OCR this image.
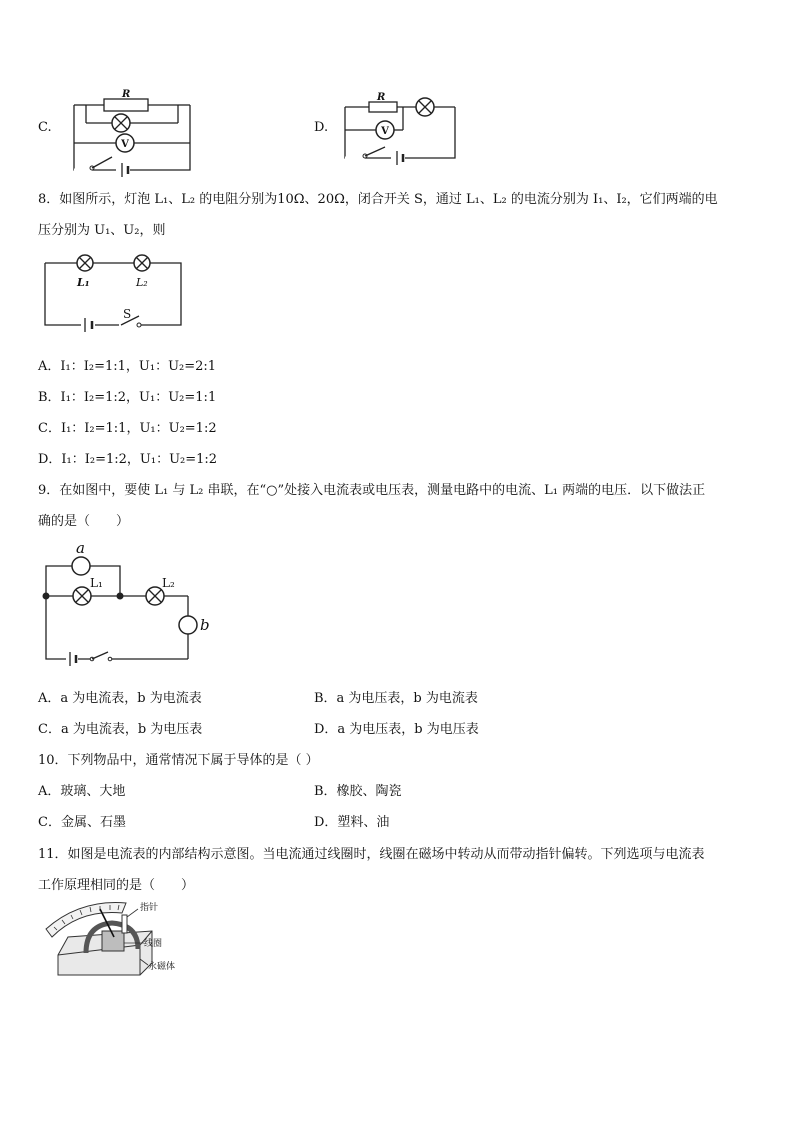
C.
V
R
D.	V
R
8．如图所示，灯泡 L₁、L₂ 的电阻分别为10Ω、20Ω，闭合开关 S，通过 L₁、L₂ 的电流分别为 I₁、I₂，它们两端的电
压分别为 U₁、U₂，则
L₁	L₂
S
A．I₁：I₂=1:1，U₁：U₂=2:1
B．I₁：I₂=1:2，U₁：U₂=1:1
C．I₁：I₂=1:1，U₁：U₂=1:2
D．I₁：I₂=1:2，U₁：U₂=1:2
9．在如图中，要使 L₁ 与 L₂ 串联，在“○”处接入电流表或电压表，测量电路中的电流、L₁ 两端的电压．以下做法正
确的是（　　）
a
L₁	L₂
b
A．a 为电流表，b 为电流表	B．a 为电压表，b 为电流表
C．a 为电流表，b 为电压表	D．a 为电压表，b 为电压表
10．下列物品中，通常情况下属于导体的是（ ）
A．玻璃、大地	B．橡胶、陶瓷
C．金属、石墨	D．塑料、油
11．如图是电流表的内部结构示意图。当电流通过线圈时，线圈在磁场中转动从而带动指针偏转。下列选项与电流表
工作原理相同的是（　　）
指针
线圈
永磁体
